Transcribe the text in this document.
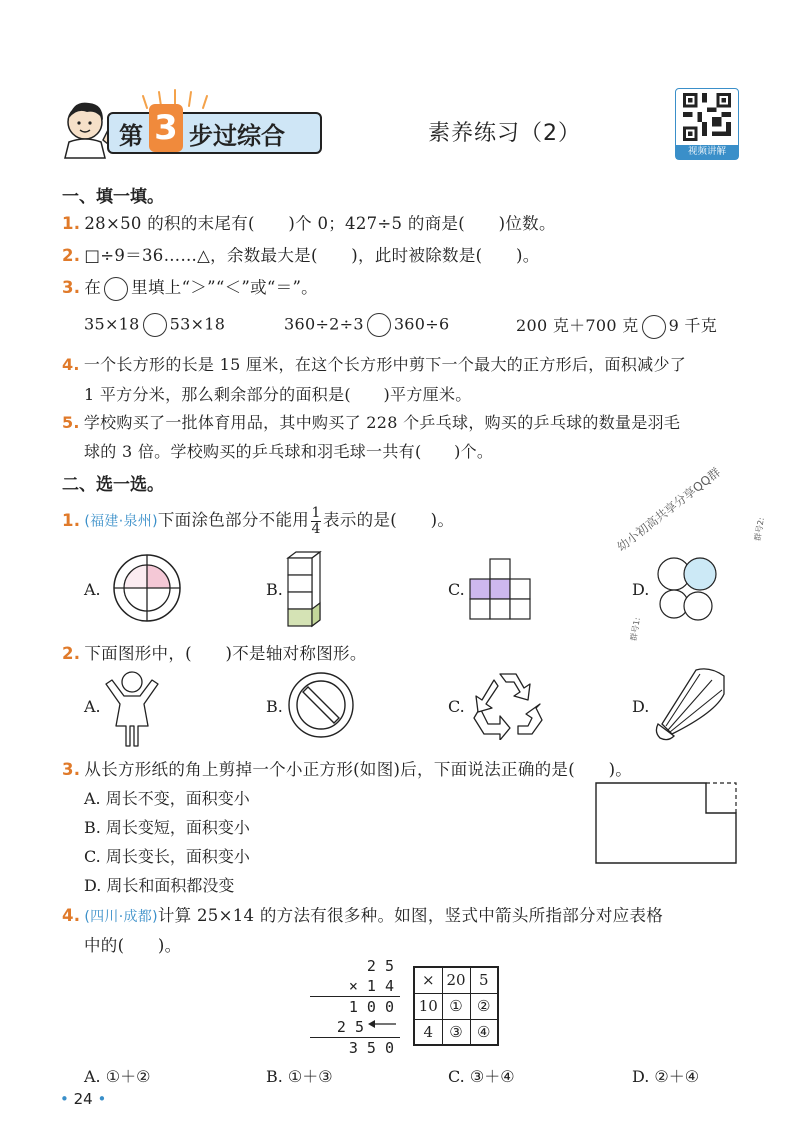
第 3 步过综合	素养练习（2）
视频讲解
一、填一填。
1. 28×50 的积的末尾有(　　)个 0；427÷5 的商是(　　)位数。
2. □÷9＝36……△，余数最大是(　　)，此时被除数是(　　)。
3. 在 里填上“＞”“＜”或“＝”。
35×18 53×18	360÷2÷3 360÷6	200 克＋700 克 9 千克
4. 一个长方形的长是 15 厘米，在这个长方形中剪下一个最大的正方形后，面积减少了
1 平方分米，那么剩余部分的面积是(　　)平方厘米。
5. 学校购买了一批体育用品，其中购买了 228 个乒乓球，购买的乒乓球的数量是羽毛
球的 3 倍。学校购买的乒乓球和羽毛球一共有(　　)个。
二、选一选。
1. (福建·泉州)下面涂色部分不能用 $\frac{1}{4}$ 表示的是(　　)。
A.	B.	C.	D.
幼小初高共享分享QQ群
群号1:
群号2:
2. 下面图形中，(　　)不是轴对称图形。
A.	B.	C.	D.
3. 从长方形纸的角上剪掉一个小正方形(如图)后，下面说法正确的是(　　)。
A. 周长不变，面积变小
B. 周长变短，面积变小
C. 周长变长，面积变小
D. 周长和面积都没变
4. (四川·成都)计算 25×14 的方法有很多种。如图，竖式中箭头所指部分对应表格
中的(　　)。
2 5
× 1 4
1 0 0
2 5
3 5 0
×	20	5
10	①	②
4	③	④
A. ①＋②	B. ①＋③	C. ③＋④	D. ②＋④
• 24 •
